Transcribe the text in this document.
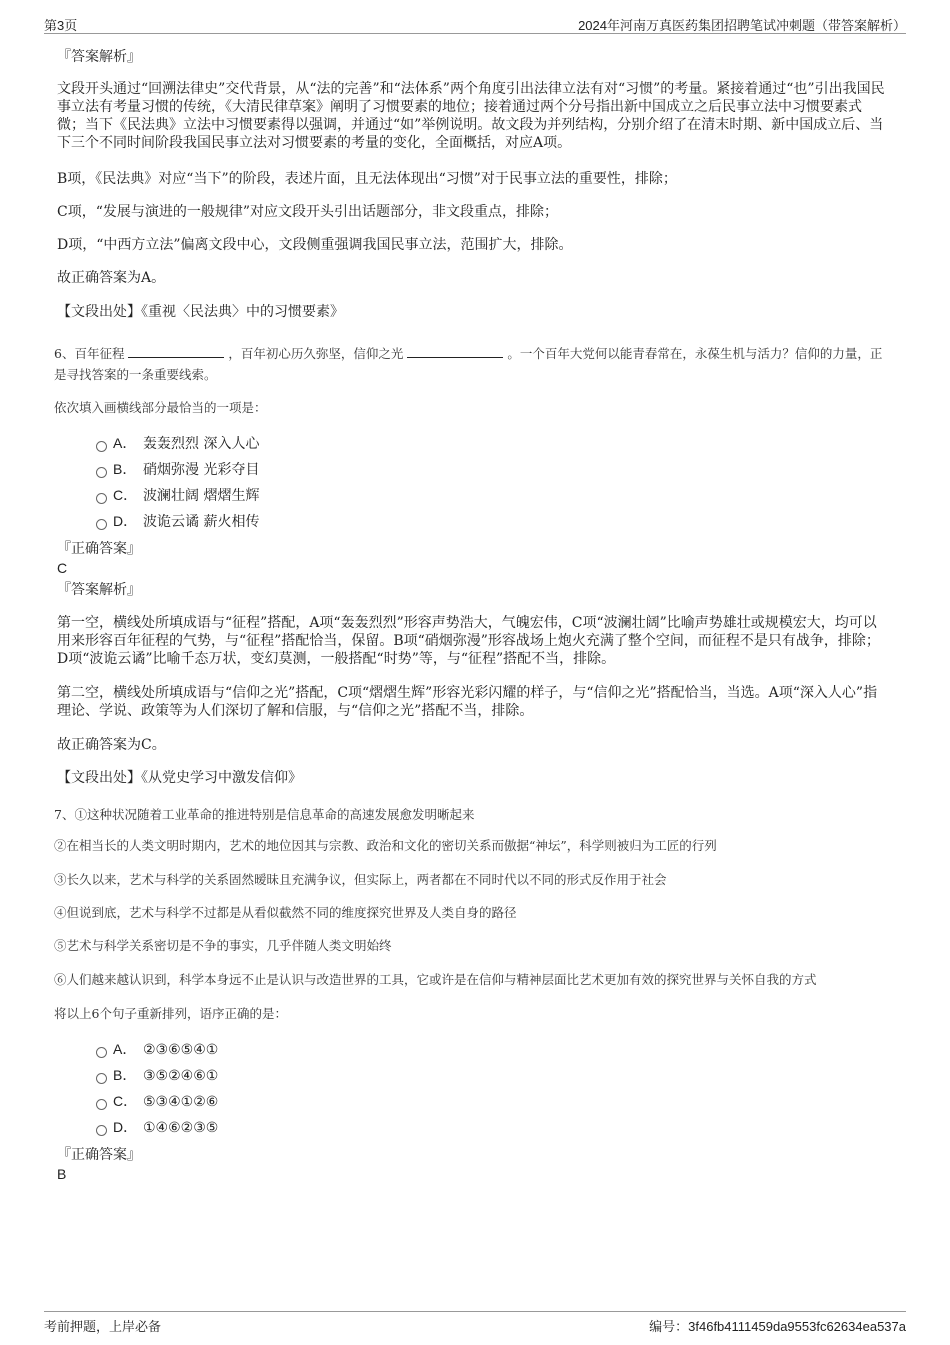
第3页	2024年河南万真医药集团招聘笔试冲刺题（带答案解析）
『答案解析』
文段开头通过“回溯法律史”交代背景，从“法的完善”和“法体系”两个角度引出法律立法有对“习惯”的考量。紧接着通过“也”引出我国民事立法有考量习惯的传统，《大清民律草案》阐明了习惯要素的地位；接着通过两个分号指出新中国成立之后民事立法中习惯要素式微；当下《民法典》立法中习惯要素得以强调，并通过“如”举例说明。故文段为并列结构，分别介绍了在清末时期、新中国成立后、当下三个不同时间阶段我国民事立法对习惯要素的考量的变化，全面概括，对应A项。
B项，《民法典》对应“当下”的阶段，表述片面，且无法体现出“习惯”对于民事立法的重要性，排除；
C项，“发展与演进的一般规律”对应文段开头引出话题部分，非文段重点，排除；
D项，“中西方立法”偏离文段中心，文段侧重强调我国民事立法，范围扩大，排除。
故正确答案为A。
【文段出处】《重视〈民法典〉中的习惯要素》
6、百年征程	，百年初心历久弥坚，信仰之光	。一个百年大党何以能青春常在，永葆生机与活力？信仰的力量，正是寻找答案的一条重要线索。
依次填入画横线部分最恰当的一项是：
A． 轰轰烈烈 深入人心
B． 硝烟弥漫 光彩夺目
C． 波澜壮阔 熠熠生辉
D． 波诡云谲 薪火相传
『正确答案』
C
『答案解析』
第一空，横线处所填成语与“征程”搭配，A项“轰轰烈烈”形容声势浩大，气魄宏伟，C项“波澜壮阔”比喻声势雄壮或规模宏大，均可以用来形容百年征程的气势，与“征程”搭配恰当，保留。B项“硝烟弥漫”形容战场上炮火充满了整个空间，而征程不是只有战争，排除；D项“波诡云谲”比喻千态万状，变幻莫测，一般搭配“时势”等，与“征程”搭配不当，排除。
第二空，横线处所填成语与“信仰之光”搭配，C项“熠熠生辉”形容光彩闪耀的样子，与“信仰之光”搭配恰当，当选。A项“深入人心”指理论、学说、政策等为人们深切了解和信服，与“信仰之光”搭配不当，排除。
故正确答案为C。
【文段出处】《从党史学习中激发信仰》
7、①这种状况随着工业革命的推进特别是信息革命的高速发展愈发明晰起来
②在相当长的人类文明时期内，艺术的地位因其与宗教、政治和文化的密切关系而傲据“神坛”，科学则被归为工匠的行列
③长久以来，艺术与科学的关系固然暧昧且充满争议，但实际上，两者都在不同时代以不同的形式反作用于社会
④但说到底，艺术与科学不过都是从看似截然不同的维度探究世界及人类自身的路径
⑤艺术与科学关系密切是不争的事实，几乎伴随人类文明始终
⑥人们越来越认识到，科学本身远不止是认识与改造世界的工具，它或许是在信仰与精神层面比艺术更加有效的探究世界与关怀自我的方式
将以上6个句子重新排列，语序正确的是：
A． ②③⑥⑤④①
B． ③⑤②④⑥①
C． ⑤③④①②⑥
D． ①④⑥②③⑤
『正确答案』
B
考前押题，上岸必备	编号：3f46fb4111459da9553fc62634ea537a
